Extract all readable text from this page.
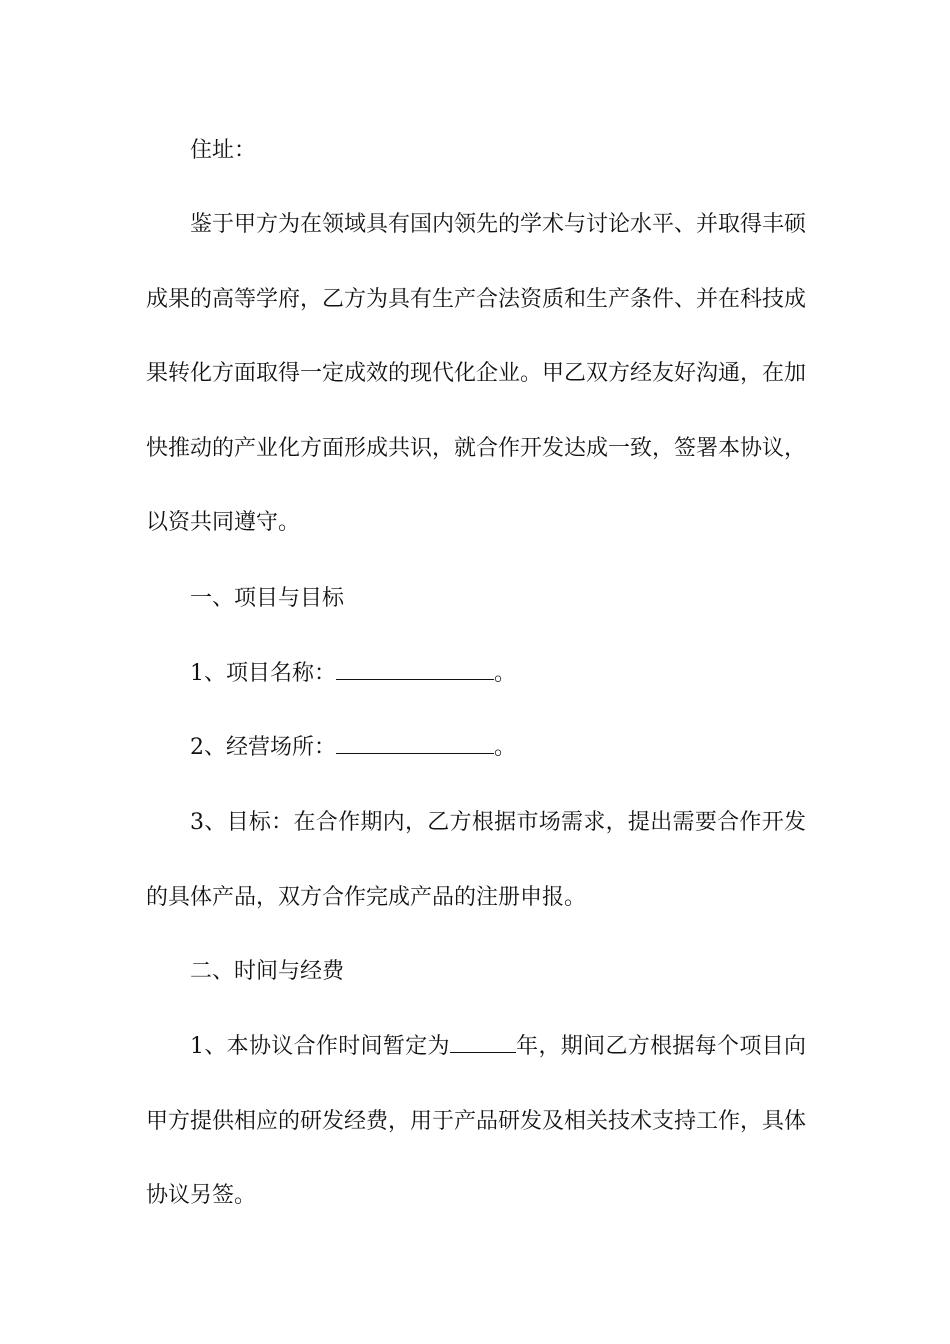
住址：

鉴于甲方为在领域具有国内领先的学术与讨论水平、并取得丰硕成果的高等学府，乙方为具有生产合法资质和生产条件、并在科技成果转化方面取得一定成效的现代化企业。甲乙双方经友好沟通，在加快推动的产业化方面形成共识，就合作开发达成一致，签署本协议，以资共同遵守。

一、项目与目标

1、项目名称：	。

2、经营场所：	。

3、目标：在合作期内，乙方根据市场需求，提出需要合作开发的具体产品，双方合作完成产品的注册申报。

二、时间与经费

1、本协议合作时间暂定为	年，期间乙方根据每个项目向甲方提供相应的研发经费，用于产品研发及相关技术支持工作，具体协议另签。
